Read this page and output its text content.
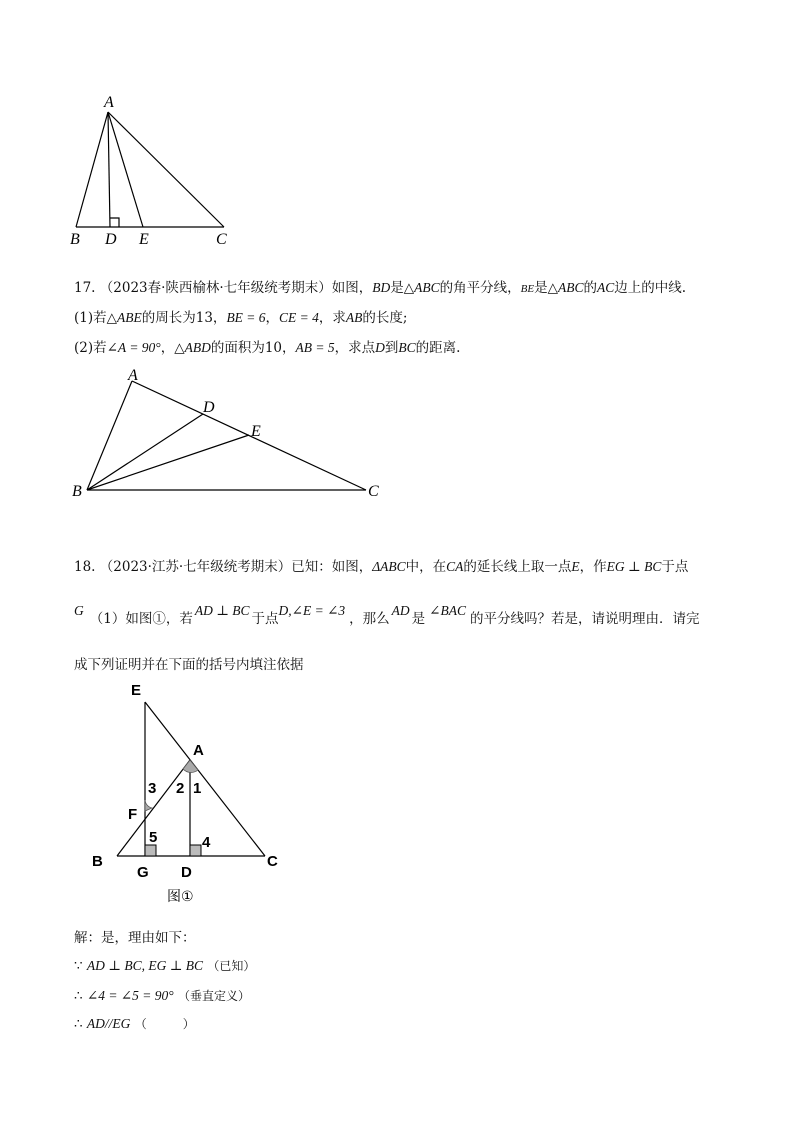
A
B D E	C
17. （2023春·陕西榆林·七年级统考期末）如图，BD是△ABC的角平分线，BE是△ABC的AC边上的中线.
(1)若△ABE的周长为13，BE = 6，CE = 4，求AB的长度;
(2)若∠A = 90°，△ABD的面积为10，AB = 5，求点D到BC的距离.
A
D
E
B	C
18. （2023·江苏·七年级统考期末）已知：如图，ΔABC中，在CA的延长线上取一点E，作EG ⊥ BC于点
G（1）如图①，若AD ⊥ BC于点D,∠E = ∠3，那么AD是∠BAC的平分线吗？若是，请说明理由．请完
成下列证明并在下面的括号内填注依据
E
A
3 2 1
F
5	4
B
G D
C
图①
解：是，理由如下：
∵ AD ⊥ BC, EG ⊥ BC （已知）
∴ ∠4 = ∠5 = 90° （垂直定义）
∴ AD//EG （　　　）
